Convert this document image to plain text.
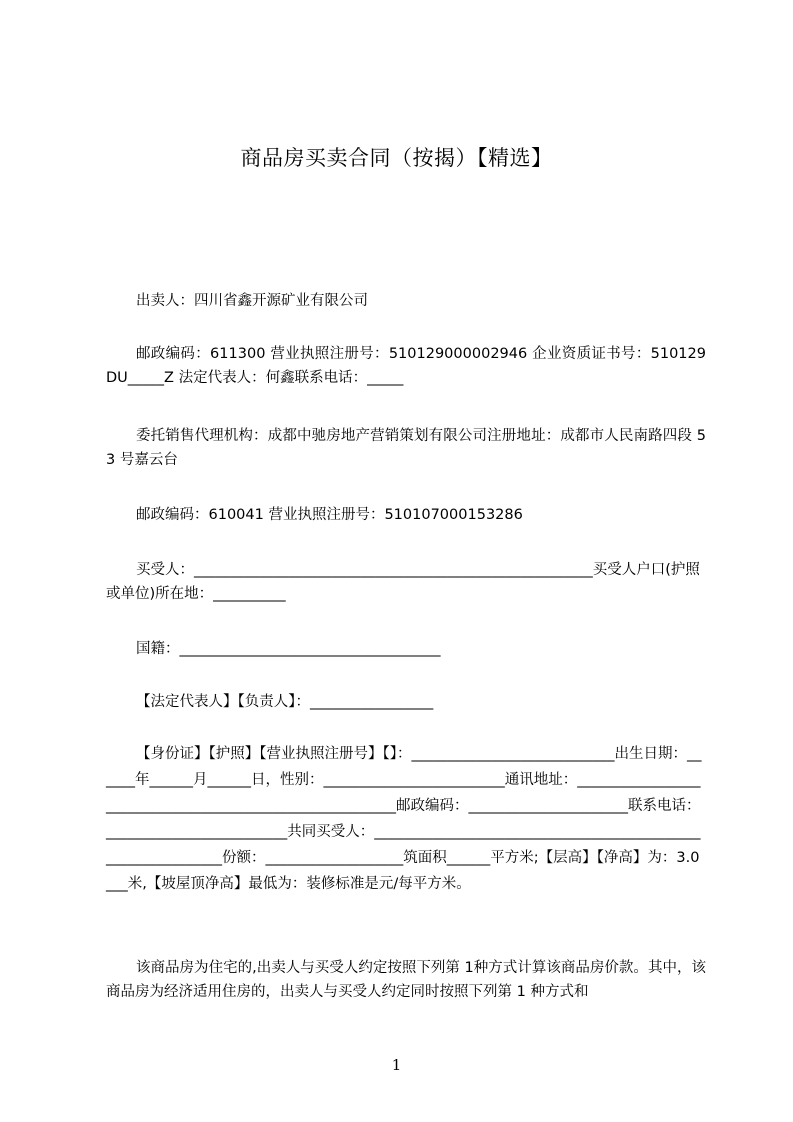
商品房买卖合同（按揭）【精选】
出卖人：四川省鑫开源矿业有限公司
邮政编码：611300 营业执照注册号：510129000002946 企业资质证书号：510129DU_____Z 法定代表人：何鑫联系电话：_____
委托销售代理机构：成都中驰房地产营销策划有限公司注册地址：成都市人民南路四段 53 号嘉云台
邮政编码：610041 营业执照注册号：510107000153286
买受人：_______________________________________________________买受人户口(护照或单位)所在地：__________
国籍：____________________________________
【法定代表人】【负责人】：_________________
【身份证】【护照】【营业执照注册号】【】：____________________________出生日期：______年______月______日，性别：_________________________通讯地址：_________________________________________________________邮政编码：______________________联系电话：_________________________共同买受人：_____________________________________________________________份额：___________________筑面积______平方米;【层高】【净高】为：3.0___米,【坡屋顶净高】最低为：装修标准是元/每平方米。
该商品房为住宅的,出卖人与买受人约定按照下列第 1种方式计算该商品房价款。其中，该商品房为经济适用住房的，出卖人与买受人约定同时按照下列第 1 种方式和
1
